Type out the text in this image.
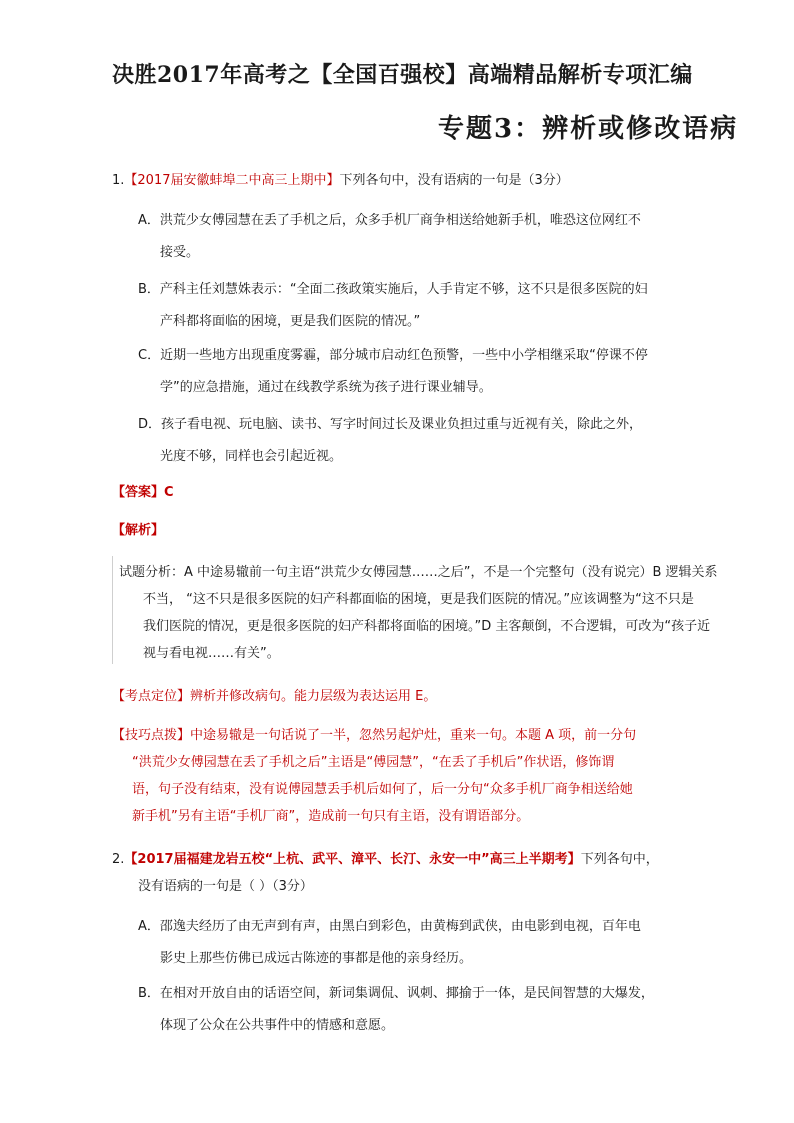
决胜2017年高考之【全国百强校】高端精品解析专项汇编
专题3：辨析或修改语病
1.【2017届安徽蚌埠二中高三上期中】下列各句中，没有语病的一句是（3分）
A．洪荒少女傅园慧在丢了手机之后，众多手机厂商争相送给她新手机，唯恐这位网红不
接受。
B．产科主任刘慧姝表示：“全面二孩政策实施后，人手肯定不够，这不只是很多医院的妇
产科都将面临的困境，更是我们医院的情况。”
C．近期一些地方出现重度雾霾，部分城市启动红色预警，一些中小学相继采取“停课不停
学”的应急措施，通过在线教学系统为孩子进行课业辅导。
D．孩子看电视、玩电脑、读书、写字时间过长及课业负担过重与近视有关，除此之外，
光度不够，同样也会引起近视。
【答案】C
【解析】
试题分析：A 中途易辙前一句主语“洪荒少女傅园慧……之后”，不是一个完整句（没有说完）B 逻辑关系
不当， “这不只是很多医院的妇产科都面临的困境，更是我们医院的情况。”应该调整为“这不只是
我们医院的情况，更是很多医院的妇产科都将面临的困境。”D 主客颠倒，不合逻辑，可改为“孩子近
视与看电视……有关”。
【考点定位】辨析并修改病句。能力层级为表达运用 E。
【技巧点拨】中途易辙是一句话说了一半，忽然另起炉灶，重来一句。本题 A 项，前一分句
“洪荒少女傅园慧在丢了手机之后”主语是“傅园慧”，“在丢了手机后”作状语，修饰谓
语，句子没有结束，没有说傅园慧丢手机后如何了，后一分句“众多手机厂商争相送给她
新手机”另有主语“手机厂商”，造成前一句只有主语，没有谓语部分。
2.【2017届福建龙岩五校“上杭、武平、漳平、长汀、永安一中”高三上半期考】下列各句中，
没有语病的一句是（ ）（3分）
A．邵逸夫经历了由无声到有声，由黑白到彩色，由黄梅到武侠，由电影到电视，百年电
影史上那些仿佛已成远古陈迹的事都是他的亲身经历。
B．在相对开放自由的话语空间，新词集调侃、讽刺、揶揄于一体，是民间智慧的大爆发，
体现了公众在公共事件中的情感和意愿。
